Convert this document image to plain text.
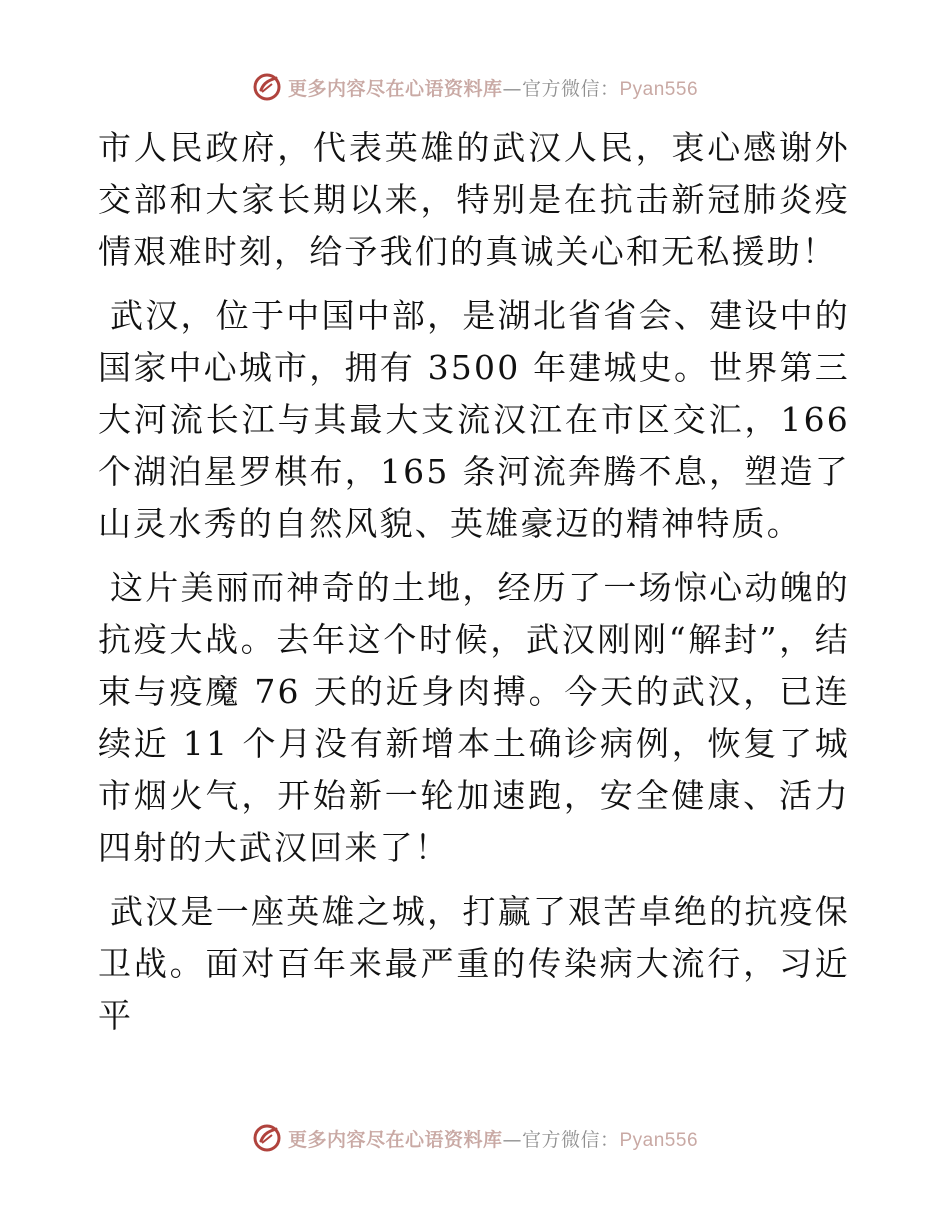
更多内容尽在心语资料库—官方微信：Pyan556

市人民政府，代表英雄的武汉人民，衷心感谢外交部和大家长期以来，特别是在抗击新冠肺炎疫情艰难时刻，给予我们的真诚关心和无私援助！

武汉，位于中国中部，是湖北省省会、建设中的国家中心城市，拥有 3500 年建城史。世界第三大河流长江与其最大支流汉江在市区交汇，166 个湖泊星罗棋布，165 条河流奔腾不息，塑造了山灵水秀的自然风貌、英雄豪迈的精神特质。

这片美丽而神奇的土地，经历了一场惊心动魄的抗疫大战。去年这个时候，武汉刚刚“解封”，结束与疫魔 76 天的近身肉搏。今天的武汉，已连续近 11 个月没有新增本土确诊病例，恢复了城市烟火气，开始新一轮加速跑，安全健康、活力四射的大武汉回来了！

武汉是一座英雄之城，打赢了艰苦卓绝的抗疫保卫战。面对百年来最严重的传染病大流行，习近平

更多内容尽在心语资料库—官方微信：Pyan556
